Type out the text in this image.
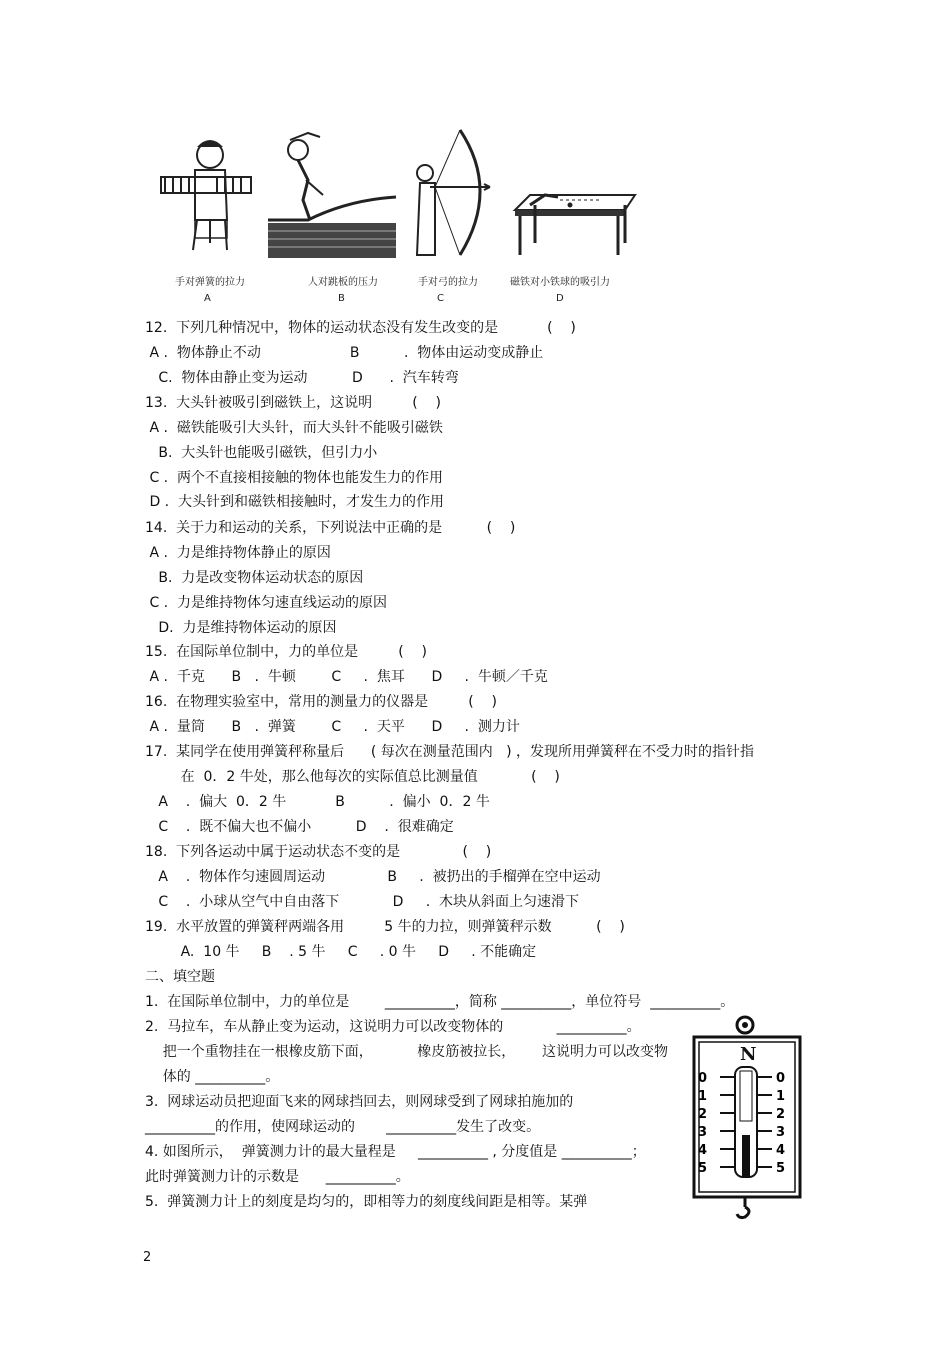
手对弹簧的拉力	人对跳板的压力	手对弓的拉力	磁铁对小铁球的吸引力
A	B	C	D
12.  下列几种情况中，物体的运动状态没有发生改变的是           (    )
A .  物体静止不动                    B          .  物体由运动变成静止
C.  物体由静止变为运动          D      .  汽车转弯
13.  大头针被吸引到磁铁上，这说明         (    )
A .  磁铁能吸引大头针，而大头针不能吸引磁铁
B.  大头针也能吸引磁铁，但引力小
C .  两个不直接相接触的物体也能发生力的作用
D .  大头针到和磁铁相接触时，才发生力的作用
14.  关于力和运动的关系，下列说法中正确的是          (    )
A .  力是维持物体静止的原因
B.  力是改变物体运动状态的原因
C .  力是维持物体匀速直线运动的原因
D.  力是维持物体运动的原因
15.  在国际单位制中，力的单位是         (    )
A .  千克      B   .  牛顿        C     .  焦耳      D     .  牛顿／千克
16.  在物理实验室中，常用的测量力的仪器是         (    )
A .  量筒      B   .  弹簧        C     .  天平      D     .  测力计
17.  某同学在使用弹簧秤称量后      ( 每次在测量范围内   ) ，发现所用弹簧秤在不受力时的指针指
在  0．2 牛处，那么他每次的实际值总比测量值            (    )
A    .  偏大  0．2 牛           B          .  偏小  0．2 牛
C    .  既不偏大也不偏小          D    .  很难确定
18.  下列各运动中属于运动状态不变的是              (    )
A    .  物体作匀速圆周运动              B     .  被扔出的手榴弹在空中运动
C    .  小球从空气中自由落下            D     .  木块从斜面上匀速滑下
19.  水平放置的弹簧秤两端各用         5 牛的力拉，则弹簧秤示数          (    )
A.  10 牛     B    . 5 牛     C     . 0 牛     D     . 不能确定
二、填空题
1.  在国际单位制中，力的单位是        __________，简称 __________，单位符号  __________。
2.  马拉车，车从静止变为运动，这说明力可以改变物体的            __________。
把一个重物挂在一根橡皮筋下面，          橡皮筋被拉长，      这说明力可以改变物
体的 __________。
3.  网球运动员把迎面飞来的网球挡回去，则网球受到了网球拍施加的
__________的作用，使网球运动的       __________发生了改变。
4. 如图所示，  弹簧测力计的最大量程是     __________ , 分度值是 __________；
此时弹簧测力计的示数是      __________。
5.  弹簧测力计上的刻度是均匀的，即相等力的刻度线间距是相等。某弹
N
0	0
1	1
2	2
3	3
4	4
5	5
2
